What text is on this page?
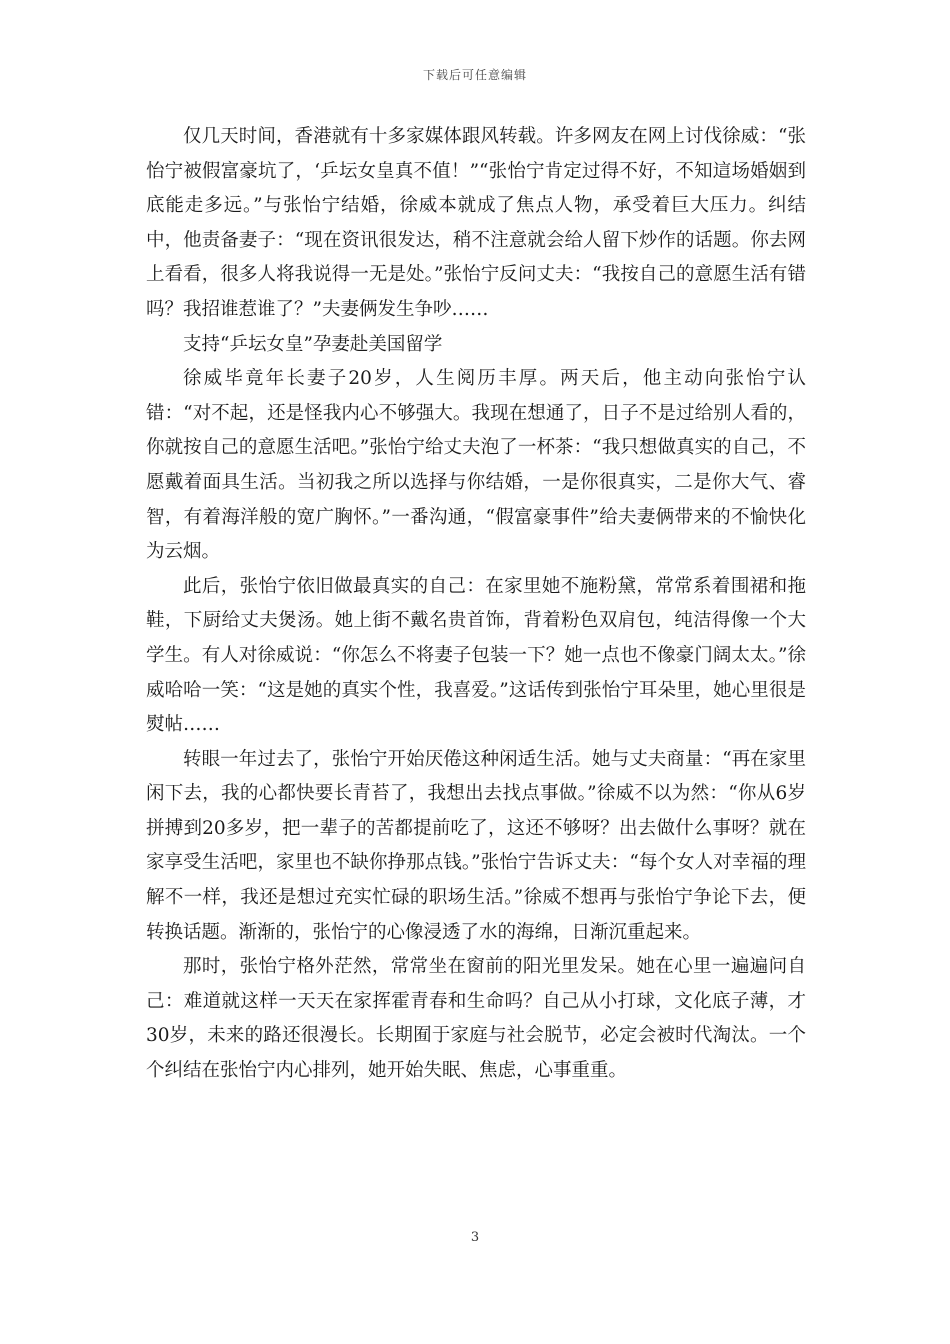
下载后可任意编辑

仅几天时间，香港就有十多家媒体跟风转载。许多网友在网上讨伐徐威：“张怡宁被假富豪坑了，‘乒坛女皇真不值！”“张怡宁肯定过得不好，不知這场婚姻到底能走多远。”与张怡宁结婚，徐威本就成了焦点人物，承受着巨大压力。纠结中，他责备妻子：“现在资讯很发达，稍不注意就会给人留下炒作的话题。你去网上看看，很多人将我说得一无是处。”张怡宁反问丈夫：“我按自己的意愿生活有错吗？我招谁惹谁了？”夫妻俩发生争吵……

支持“乒坛女皇”孕妻赴美国留学

徐威毕竟年长妻子20岁，人生阅历丰厚。两天后，他主动向张怡宁认错：“对不起，还是怪我内心不够强大。我现在想通了，日子不是过给别人看的，你就按自己的意愿生活吧。”张怡宁给丈夫泡了一杯茶：“我只想做真实的自己，不愿戴着面具生活。当初我之所以选择与你结婚，一是你很真实，二是你大气、睿智，有着海洋般的宽广胸怀。”一番沟通，“假富豪事件”给夫妻俩带来的不愉快化为云烟。

此后，张怡宁依旧做最真实的自己：在家里她不施粉黛，常常系着围裙和拖鞋，下厨给丈夫煲汤。她上街不戴名贵首饰，背着粉色双肩包，纯洁得像一个大学生。有人对徐威说：“你怎么不将妻子包装一下？她一点也不像豪门阔太太。”徐威哈哈一笑：“这是她的真实个性，我喜爱。”这话传到张怡宁耳朵里，她心里很是熨帖……

转眼一年过去了，张怡宁开始厌倦这种闲适生活。她与丈夫商量：“再在家里闲下去，我的心都快要长青苔了，我想出去找点事做。”徐威不以为然：“你从6岁拼搏到20多岁，把一辈子的苦都提前吃了，这还不够呀？出去做什么事呀？就在家享受生活吧，家里也不缺你挣那点钱。”张怡宁告诉丈夫：“每个女人对幸福的理解不一样，我还是想过充实忙碌的职场生活。”徐威不想再与张怡宁争论下去，便转换话题。渐渐的，张怡宁的心像浸透了水的海绵，日渐沉重起来。

那时，张怡宁格外茫然，常常坐在窗前的阳光里发呆。她在心里一遍遍问自己：难道就这样一天天在家挥霍青春和生命吗？自己从小打球，文化底子薄，才30岁，未来的路还很漫长。长期囿于家庭与社会脱节，必定会被时代淘汰。一个个纠结在张怡宁内心排列，她开始失眠、焦虑，心事重重。

3
